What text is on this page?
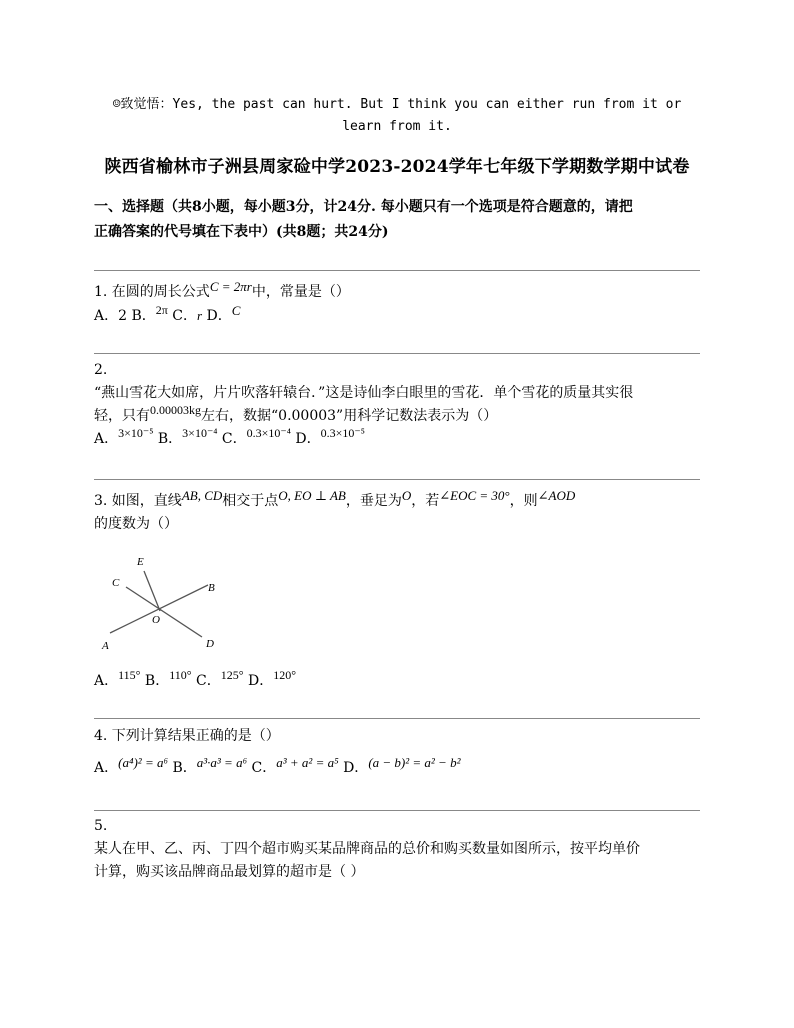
☺致觉悟：Yes, the past can hurt. But I think you can either run from it or
learn from it.
陕西省榆林市子洲县周家硷中学2023-2024学年七年级下学期数学期中试卷
一、选择题（共8小题，每小题3分，计24分. 每小题只有一个选项是符合题意的，请把
正确答案的代号填在下表中）(共8题；共24分)
1. 在圆的周长公式C = 2πr中，常量是（）
A．2 B．2π C．r D．C
2.
“燕山雪花大如席，片片吹落轩辕台．”这是诗仙李白眼里的雪花．单个雪花的质量其实很
轻，只有0.00003kg左右，数据“0.00003”用科学记数法表示为（）
A．3×10⁻⁵ B．3×10⁻⁴ C．0.3×10⁻⁴ D．0.3×10⁻⁵
3. 如图，直线AB, CD相交于点O, EO ⊥ AB，垂足为O，若∠EOC = 30°，则∠AOD
的度数为（）
E
C	B
O
A	D
A．115° B．110° C．125° D．120°
4. 下列计算结果正确的是（）
A．(a⁴)² = a⁶ B．a³·a³ = a⁶ C．a³ + a² = a⁵ D．(a − b)² = a² − b²
5.
某人在甲、乙、丙、丁四个超市购买某品牌商品的总价和购买数量如图所示，按平均单价
计算，购买该品牌商品最划算的超市是（ ）
